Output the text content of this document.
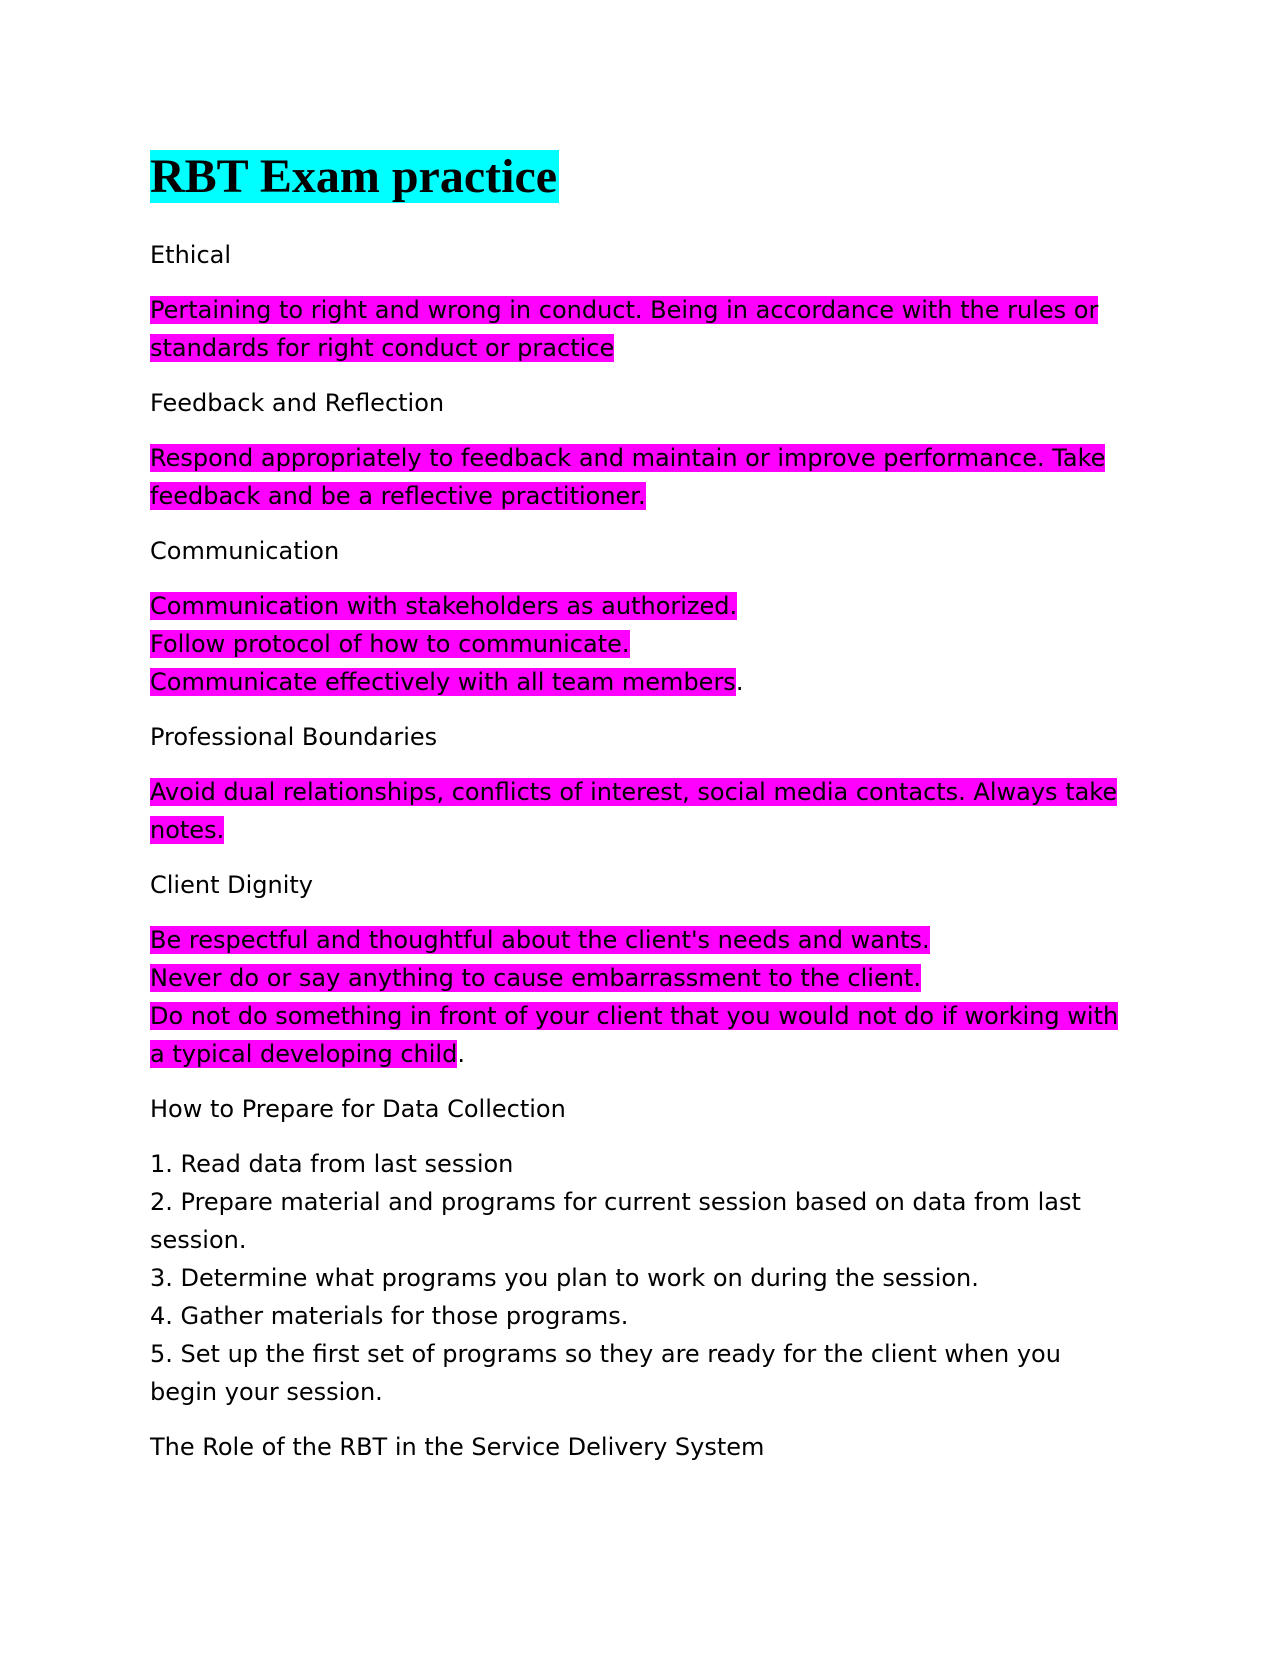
RBT Exam practice

Ethical

Pertaining to right and wrong in conduct. Being in accordance with the rules or standards for right conduct or practice

Feedback and Reflection

Respond appropriately to feedback and maintain or improve performance. Take feedback and be a reflective practitioner.

Communication

Communication with stakeholders as authorized.
Follow protocol of how to communicate.
Communicate effectively with all team members.

Professional Boundaries

Avoid dual relationships, conflicts of interest, social media contacts. Always take notes.

Client Dignity

Be respectful and thoughtful about the client's needs and wants.
Never do or say anything to cause embarrassment to the client.
Do not do something in front of your client that you would not do if working with a typical developing child.

How to Prepare for Data Collection

1. Read data from last session
2. Prepare material and programs for current session based on data from last session.
3. Determine what programs you plan to work on during the session.
4. Gather materials for those programs.
5. Set up the first set of programs so they are ready for the client when you begin your session.

The Role of the RBT in the Service Delivery System
